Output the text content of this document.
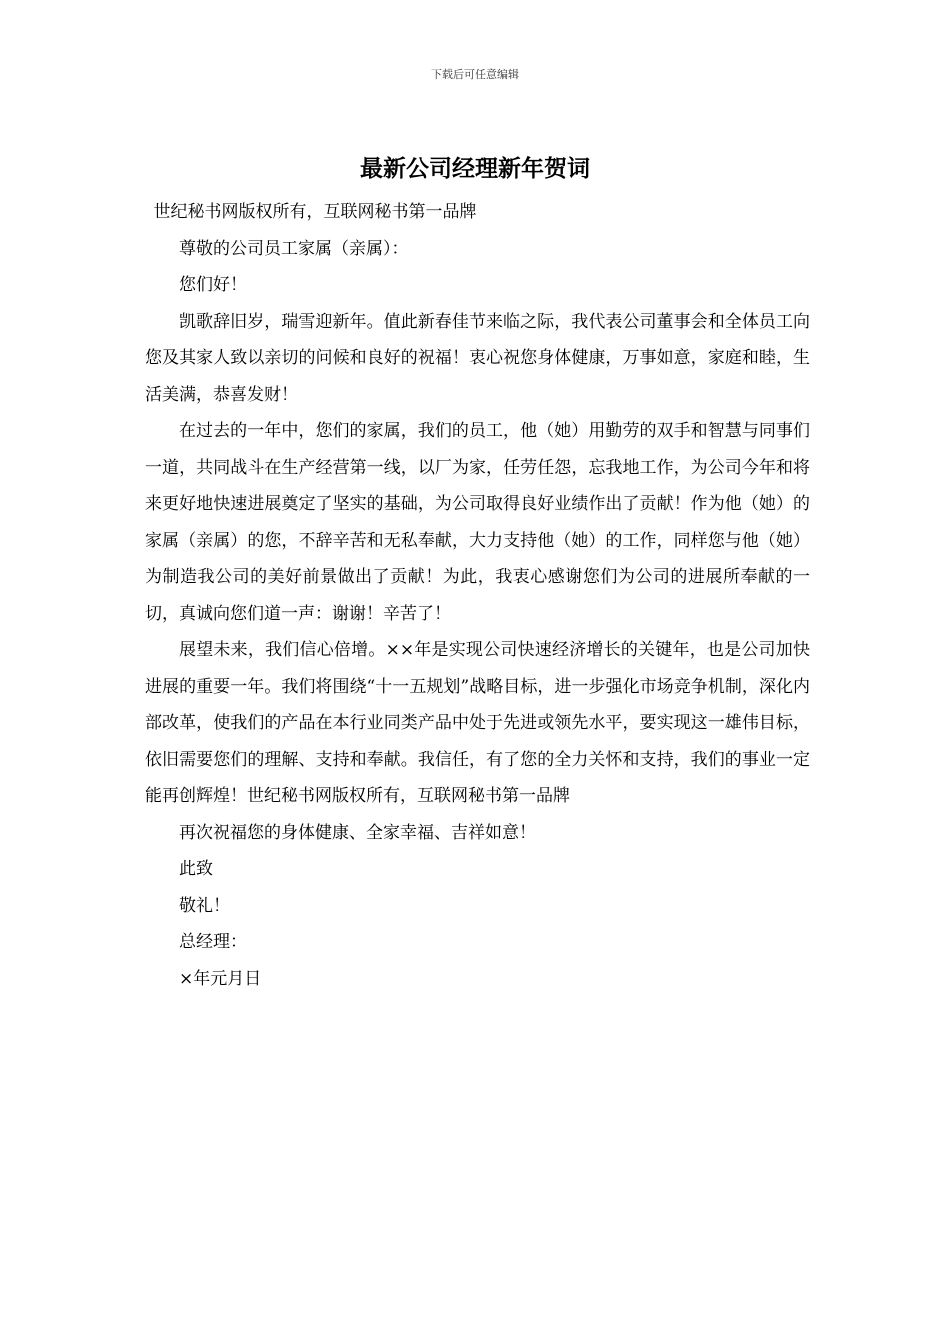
下载后可任意编辑
最新公司经理新年贺词

世纪秘书网版权所有，互联网秘书第一品牌

尊敬的公司员工家属（亲属）：

您们好！

凯歌辞旧岁，瑞雪迎新年。值此新春佳节来临之际，我代表公司董事会和全体员工向您及其家人致以亲切的问候和良好的祝福！衷心祝您身体健康，万事如意，家庭和睦，生活美满，恭喜发财！

在过去的一年中，您们的家属，我们的员工，他（她）用勤劳的双手和智慧与同事们一道，共同战斗在生产经营第一线，以厂为家，任劳任怨，忘我地工作，为公司今年和将来更好地快速进展奠定了坚实的基础，为公司取得良好业绩作出了贡献！作为他（她）的家属（亲属）的您，不辞辛苦和无私奉献，大力支持他（她）的工作，同样您与他（她）为制造我公司的美好前景做出了贡献！为此，我衷心感谢您们为公司的进展所奉献的一切，真诚向您们道一声：谢谢！辛苦了！

展望未来，我们信心倍增。××年是实现公司快速经济增长的关键年，也是公司加快进展的重要一年。我们将围绕“十一五规划”战略目标，进一步强化市场竞争机制，深化内部改革，使我们的产品在本行业同类产品中处于先进或领先水平，要实现这一雄伟目标，依旧需要您们的理解、支持和奉献。我信任，有了您的全力关怀和支持，我们的事业一定能再创辉煌！世纪秘书网版权所有，互联网秘书第一品牌

再次祝福您的身体健康、全家幸福、吉祥如意！

此致

敬礼！

总经理：

×年元月日
